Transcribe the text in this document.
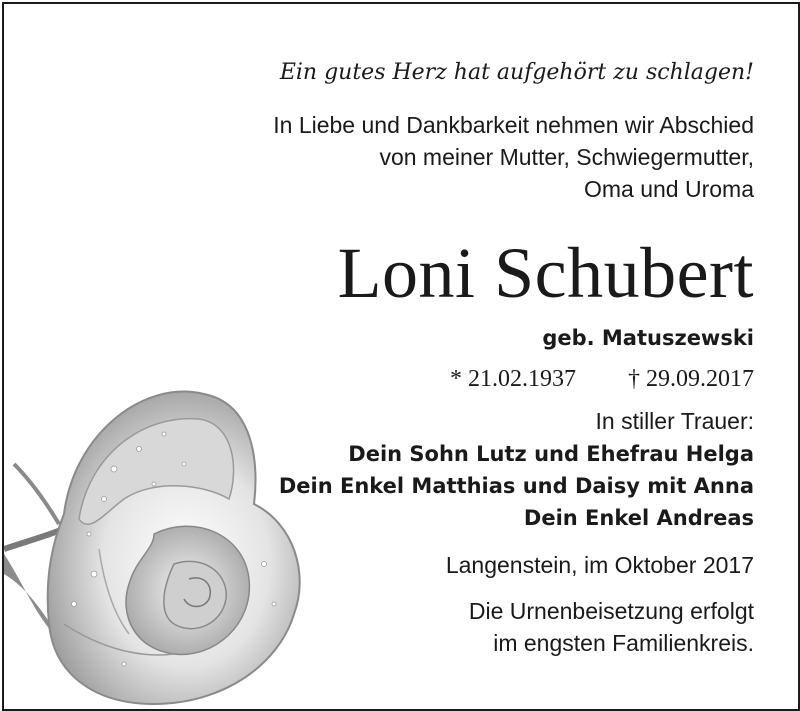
Ein gutes Herz hat aufgehört zu schlagen!
In Liebe und Dankbarkeit nehmen wir Abschied
von meiner Mutter, Schwiegermutter,
Oma und Uroma
Loni Schubert
geb. Matuszewski
* 21.02.1937 † 29.09.2017
In stiller Trauer:
Dein Sohn Lutz und Ehefrau Helga
Dein Enkel Matthias und Daisy mit Anna
Dein Enkel Andreas
Langenstein, im Oktober 2017
Die Urnenbeisetzung erfolgt
im engsten Familienkreis.
